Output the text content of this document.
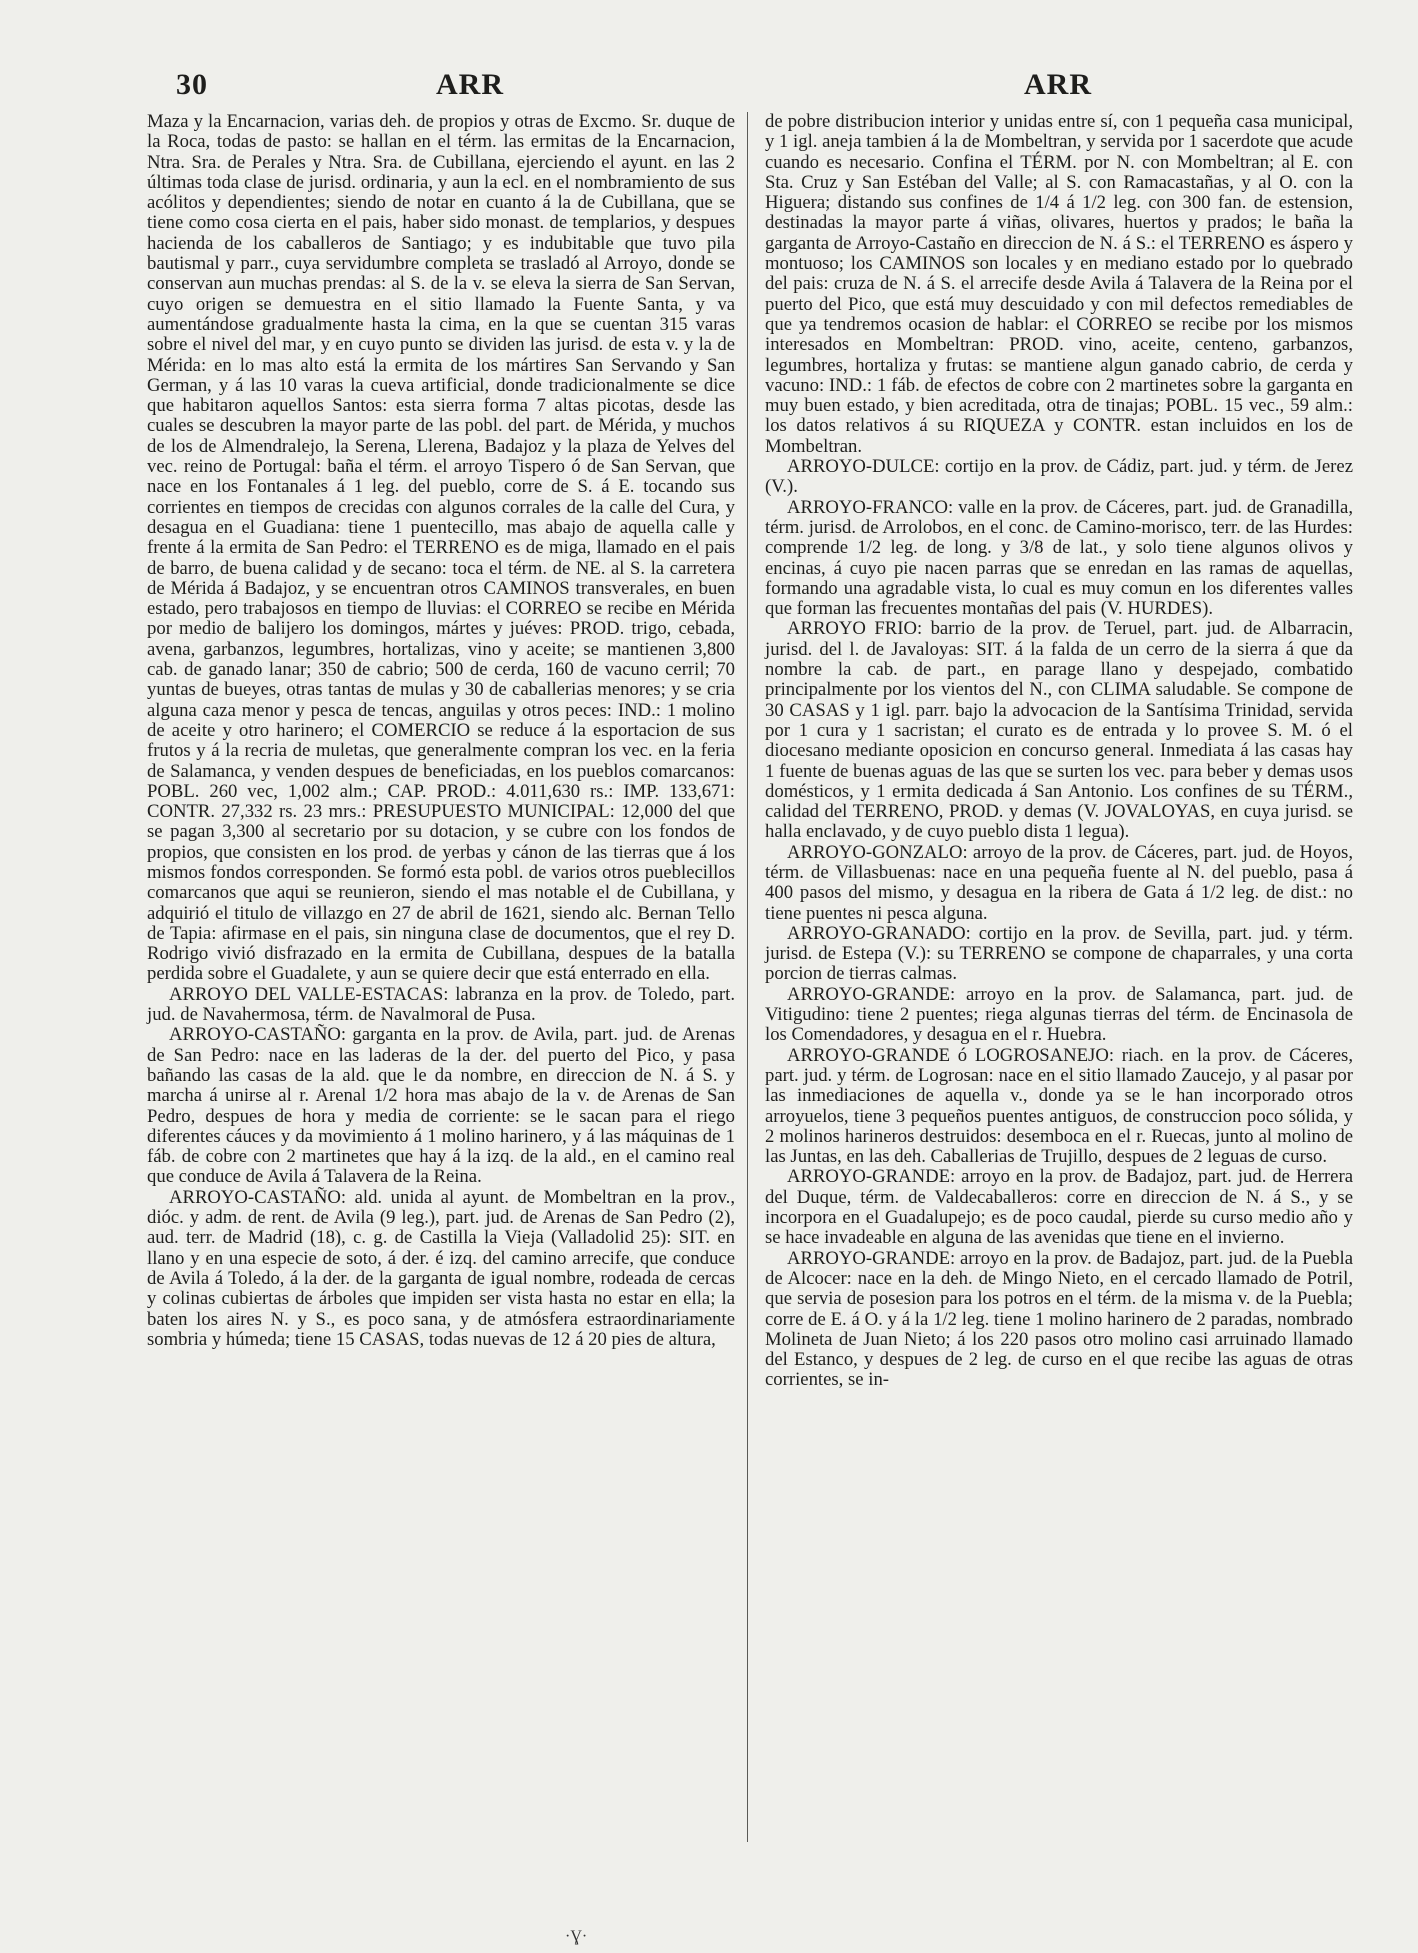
30	ARR	ARR

Maza y la Encarnacion, varias deh. de propios y otras de Excmo. Sr. duque de la Roca, todas de pasto: se hallan en el térm. las ermitas de la Encarnacion, Ntra. Sra. de Perales y Ntra. Sra. de Cubillana, ejerciendo el ayunt. en las 2 últimas toda clase de jurisd. ordinaria, y aun la ecl. en el nombramiento de sus acólitos y dependientes; siendo de notar en cuanto á la de Cubillana, que se tiene como cosa cierta en el pais, haber sido monast. de templarios, y despues hacienda de los caballeros de Santiago; y es indubitable que tuvo pila bautismal y parr., cuya servidumbre completa se trasladó al Arroyo, donde se conservan aun muchas prendas: al S. de la v. se eleva la sierra de San Servan, cuyo origen se demuestra en el sitio llamado la Fuente Santa, y va aumentándose gradualmente hasta la cima, en la que se cuentan 315 varas sobre el nivel del mar, y en cuyo punto se dividen las jurisd. de esta v. y la de Mérida: en lo mas alto está la ermita de los mártires San Servando y San German, y á las 10 varas la cueva artificial, donde tradicionalmente se dice que habitaron aquellos Santos: esta sierra forma 7 altas picotas, desde las cuales se descubren la mayor parte de las pobl. del part. de Mérida, y muchos de los de Almendralejo, la Serena, Llerena, Badajoz y la plaza de Yelves del vec. reino de Portugal: baña el térm. el arroyo Tispero ó de San Servan, que nace en los Fontanales á 1 leg. del pueblo, corre de S. á E. tocando sus corrientes en tiempos de crecidas con algunos corrales de la calle del Cura, y desagua en el Guadiana: tiene 1 puentecillo, mas abajo de aquella calle y frente á la ermita de San Pedro: el TERRENO es de miga, llamado en el pais de barro, de buena calidad y de secano: toca el térm. de NE. al S. la carretera de Mérida á Badajoz, y se encuentran otros CAMINOS transverales, en buen estado, pero trabajosos en tiempo de lluvias: el CORREO se recibe en Mérida por medio de balijero los domingos, mártes y juéves: PROD. trigo, cebada, avena, garbanzos, legumbres, hortalizas, vino y aceite; se mantienen 3,800 cab. de ganado lanar; 350 de cabrio; 500 de cerda, 160 de vacuno cerril; 70 yuntas de bueyes, otras tantas de mulas y 30 de caballerias menores; y se cria alguna caza menor y pesca de tencas, anguilas y otros peces: IND.: 1 molino de aceite y otro harinero; el COMERCIO se reduce á la esportacion de sus frutos y á la recria de muletas, que generalmente compran los vec. en la feria de Salamanca, y venden despues de beneficiadas, en los pueblos comarcanos: POBL. 260 vec, 1,002 alm.; CAP. PROD.: 4.011,630 rs.: IMP. 133,671: CONTR. 27,332 rs. 23 mrs.: PRESUPUESTO MUNICIPAL: 12,000 del que se pagan 3,300 al secretario por su dotacion, y se cubre con los fondos de propios, que consisten en los prod. de yerbas y cánon de las tierras que á los mismos fondos corresponden. Se formó esta pobl. de varios otros pueblecillos comarcanos que aqui se reunieron, siendo el mas notable el de Cubillana, y adquirió el titulo de villazgo en 27 de abril de 1621, siendo alc. Bernan Tello de Tapia: afirmase en el pais, sin ninguna clase de documentos, que el rey D. Rodrigo vivió disfrazado en la ermita de Cubillana, despues de la batalla perdida sobre el Guadalete, y aun se quiere decir que está enterrado en ella.

ARROYO DEL VALLE-ESTACAS: labranza en la prov. de Toledo, part. jud. de Navahermosa, térm. de Navalmoral de Pusa.

ARROYO-CASTAÑO: garganta en la prov. de Avila, part. jud. de Arenas de San Pedro: nace en las laderas de la der. del puerto del Pico, y pasa bañando las casas de la ald. que le da nombre, en direccion de N. á S. y marcha á unirse al r. Arenal 1/2 hora mas abajo de la v. de Arenas de San Pedro, despues de hora y media de corriente: se le sacan para el riego diferentes cáuces y da movimiento á 1 molino harinero, y á las máquinas de 1 fáb. de cobre con 2 martinetes que hay á la izq. de la ald., en el camino real que conduce de Avila á Talavera de la Reina.

ARROYO-CASTAÑO: ald. unida al ayunt. de Mombeltran en la prov., dióc. y adm. de rent. de Avila (9 leg.), part. jud. de Arenas de San Pedro (2), aud. terr. de Madrid (18), c. g. de Castilla la Vieja (Valladolid 25): SIT. en llano y en una especie de soto, á der. é izq. del camino arrecife, que conduce de Avila á Toledo, á la der. de la garganta de igual nombre, rodeada de cercas y colinas cubiertas de árboles que impiden ser vista hasta no estar en ella; la baten los aires N. y S., es poco sana, y de atmósfera estraordinariamente sombria y húmeda; tiene 15 CASAS, todas nuevas de 12 á 20 pies de altura,

de pobre distribucion interior y unidas entre sí, con 1 pequeña casa municipal, y 1 igl. aneja tambien á la de Mombeltran, y servida por 1 sacerdote que acude cuando es necesario. Confina el TÉRM. por N. con Mombeltran; al E. con Sta. Cruz y San Estéban del Valle; al S. con Ramacastañas, y al O. con la Higuera; distando sus confines de 1/4 á 1/2 leg. con 300 fan. de estension, destinadas la mayor parte á viñas, olivares, huertos y prados; le baña la garganta de Arroyo-Castaño en direccion de N. á S.: el TERRENO es áspero y montuoso; los CAMINOS son locales y en mediano estado por lo quebrado del pais: cruza de N. á S. el arrecife desde Avila á Talavera de la Reina por el puerto del Pico, que está muy descuidado y con mil defectos remediables de que ya tendremos ocasion de hablar: el CORREO se recibe por los mismos interesados en Mombeltran: PROD. vino, aceite, centeno, garbanzos, legumbres, hortaliza y frutas: se mantiene algun ganado cabrio, de cerda y vacuno: IND.: 1 fáb. de efectos de cobre con 2 martinetes sobre la garganta en muy buen estado, y bien acreditada, otra de tinajas; POBL. 15 vec., 59 alm.: los datos relativos á su RIQUEZA y CONTR. estan incluidos en los de Mombeltran.

ARROYO-DULCE: cortijo en la prov. de Cádiz, part. jud. y térm. de Jerez (V.).

ARROYO-FRANCO: valle en la prov. de Cáceres, part. jud. de Granadilla, térm. jurisd. de Arrolobos, en el conc. de Camino-morisco, terr. de las Hurdes: comprende 1/2 leg. de long. y 3/8 de lat., y solo tiene algunos olivos y encinas, á cuyo pie nacen parras que se enredan en las ramas de aquellas, formando una agradable vista, lo cual es muy comun en los diferentes valles que forman las frecuentes montañas del pais (V. HURDES).

ARROYO FRIO: barrio de la prov. de Teruel, part. jud. de Albarracin, jurisd. del l. de Javaloyas: SIT. á la falda de un cerro de la sierra á que da nombre la cab. de part., en parage llano y despejado, combatido principalmente por los vientos del N., con CLIMA saludable. Se compone de 30 CASAS y 1 igl. parr. bajo la advocacion de la Santísima Trinidad, servida por 1 cura y 1 sacristan; el curato es de entrada y lo provee S. M. ó el diocesano mediante oposicion en concurso general. Inmediata á las casas hay 1 fuente de buenas aguas de las que se surten los vec. para beber y demas usos domésticos, y 1 ermita dedicada á San Antonio. Los confines de su TÉRM., calidad del TERRENO, PROD. y demas (V. JOVALOYAS, en cuya jurisd. se halla enclavado, y de cuyo pueblo dista 1 legua).

ARROYO-GONZALO: arroyo de la prov. de Cáceres, part. jud. de Hoyos, térm. de Villasbuenas: nace en una pequeña fuente al N. del pueblo, pasa á 400 pasos del mismo, y desagua en la ribera de Gata á 1/2 leg. de dist.: no tiene puentes ni pesca alguna.

ARROYO-GRANADO: cortijo en la prov. de Sevilla, part. jud. y térm. jurisd. de Estepa (V.): su TERRENO se compone de chaparrales, y una corta porcion de tierras calmas.

ARROYO-GRANDE: arroyo en la prov. de Salamanca, part. jud. de Vitigudino: tiene 2 puentes; riega algunas tierras del térm. de Encinasola de los Comendadores, y desagua en el r. Huebra.

ARROYO-GRANDE ó LOGROSANEJO: riach. en la prov. de Cáceres, part. jud. y térm. de Logrosan: nace en el sitio llamado Zaucejo, y al pasar por las inmediaciones de aquella v., donde ya se le han incorporado otros arroyuelos, tiene 3 pequeños puentes antiguos, de construccion poco sólida, y 2 molinos harineros destruidos: desemboca en el r. Ruecas, junto al molino de las Juntas, en las deh. Caballerias de Trujillo, despues de 2 leguas de curso.

ARROYO-GRANDE: arroyo en la prov. de Badajoz, part. jud. de Herrera del Duque, térm. de Valdecaballeros: corre en direccion de N. á S., y se incorpora en el Guadalupejo; es de poco caudal, pierde su curso medio año y se hace invadeable en alguna de las avenidas que tiene en el invierno.

ARROYO-GRANDE: arroyo en la prov. de Badajoz, part. jud. de la Puebla de Alcocer: nace en la deh. de Mingo Nieto, en el cercado llamado de Potril, que servia de posesion para los potros en el térm. de la misma v. de la Puebla; corre de E. á O. y á la 1/2 leg. tiene 1 molino harinero de 2 paradas, nombrado Molineta de Juan Nieto; á los 220 pasos otro molino casi arruinado llamado del Estanco, y despues de 2 leg. de curso en el que recibe las aguas de otras corrientes, se in-

·Ɣ·
